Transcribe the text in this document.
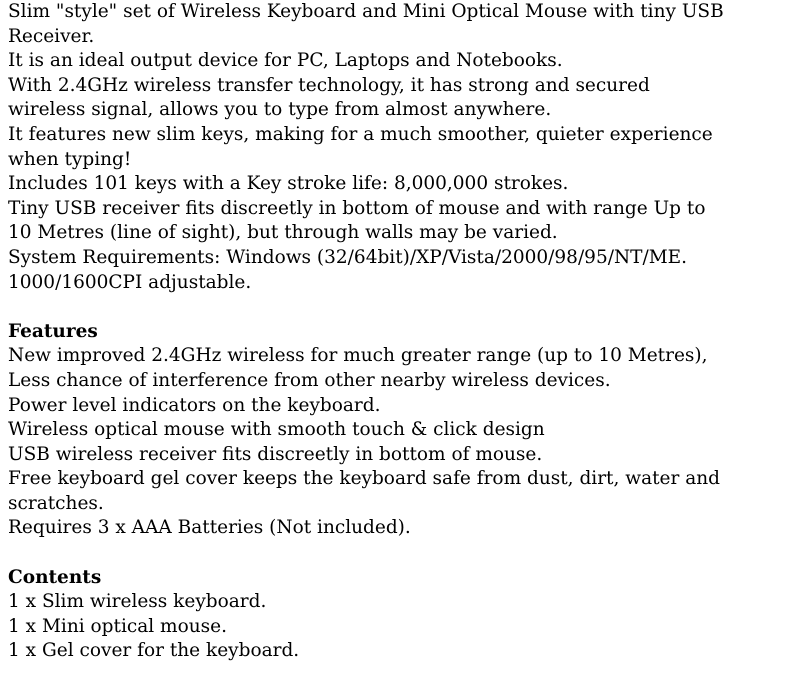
Slim "style" set of Wireless Keyboard and Mini Optical Mouse with tiny USB

Receiver.

It is an ideal output device for PC, Laptops and Notebooks.

With 2.4GHz wireless transfer technology, it has strong and secured

wireless signal, allows you to type from almost anywhere.

It features new slim keys, making for a much smoother, quieter experience

when typing!

Includes 101 keys with a Key stroke life: 8,000,000 strokes.

Tiny USB receiver fits discreetly in bottom of mouse and with range Up to

10 Metres (line of sight), but through walls may be varied.

System Requirements: Windows (32/64bit)/XP/Vista/2000/98/95/NT/ME.

1000/1600CPI adjustable.

Features

New improved 2.4GHz wireless for much greater range (up to 10 Metres),

Less chance of interference from other nearby wireless devices.

Power level indicators on the keyboard.

Wireless optical mouse with smooth touch & click design

USB wireless receiver fits discreetly in bottom of mouse.

Free keyboard gel cover keeps the keyboard safe from dust, dirt, water and

scratches.

Requires 3 x AAA Batteries (Not included).

Contents

1 x Slim wireless keyboard.

1 x Mini optical mouse.

1 x Gel cover for the keyboard.
